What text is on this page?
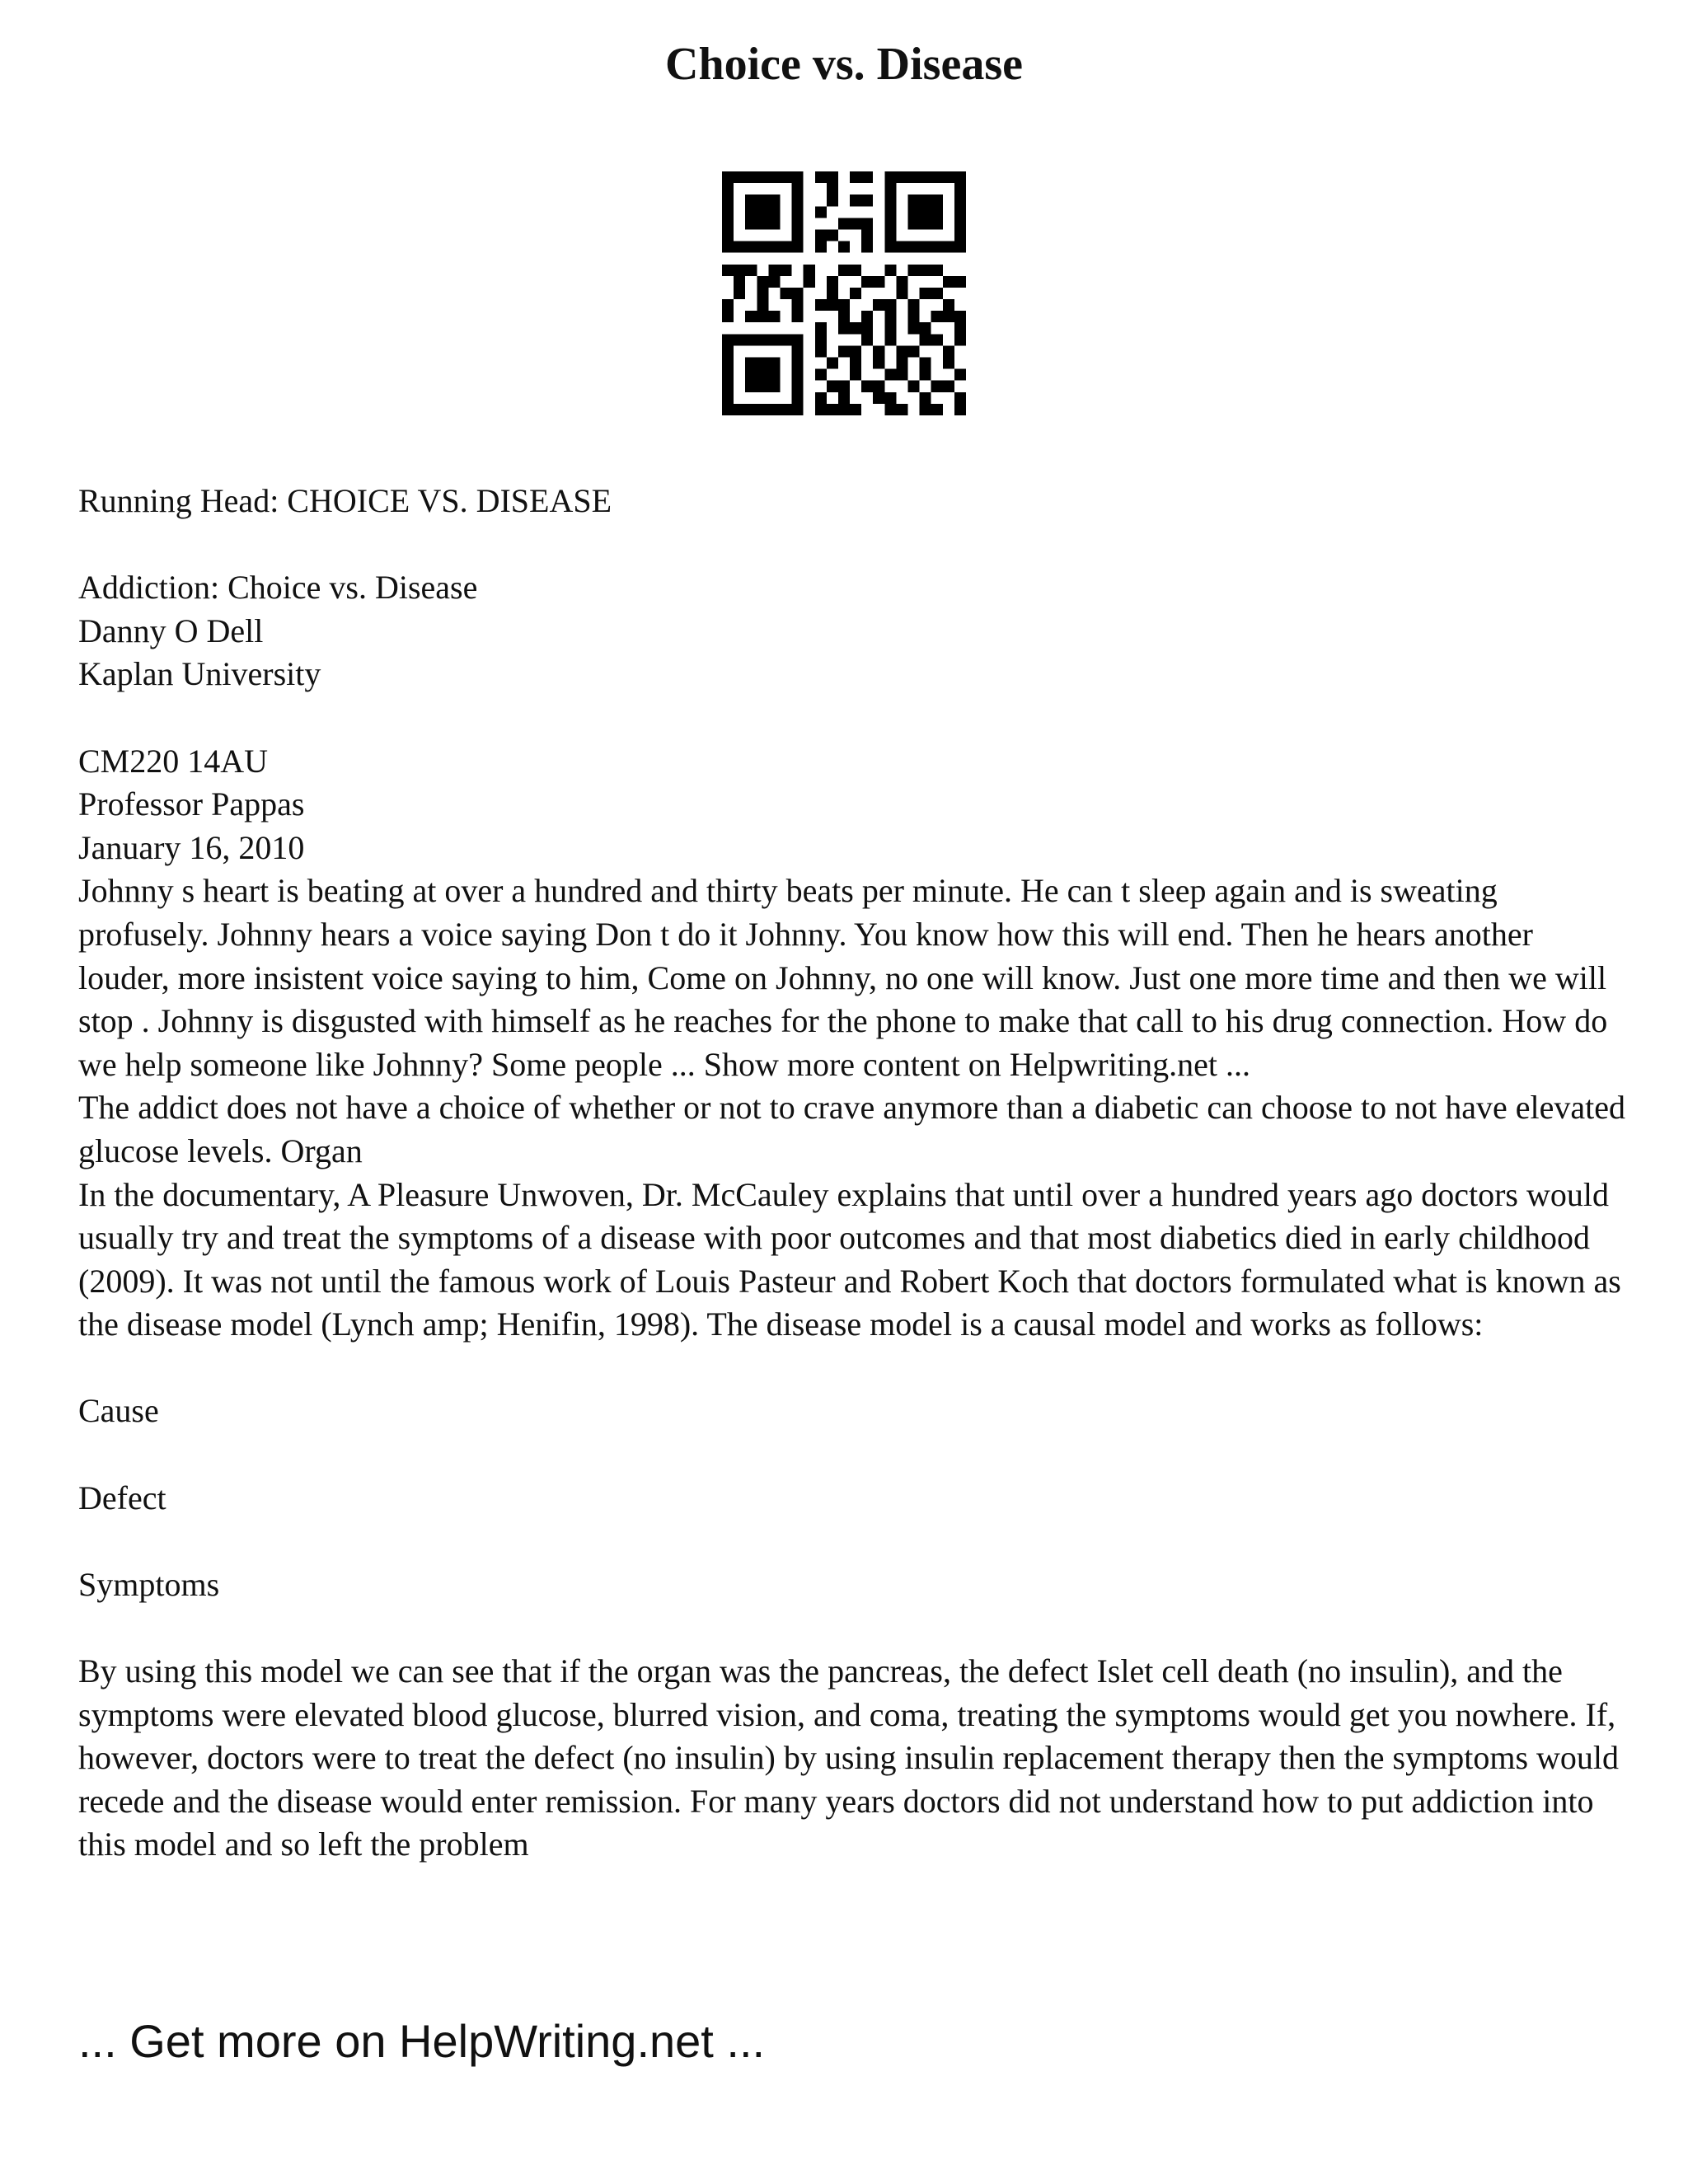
Choice vs. Disease

Running Head: CHOICE VS. DISEASE

Addiction: Choice vs. Disease

Danny O Dell

Kaplan University

CM220 14AU

Professor Pappas

January 16, 2010

Johnny s heart is beating at over a hundred and thirty beats per minute. He can t sleep again and is sweating profusely. Johnny hears a voice saying Don t do it Johnny. You know how this will end. Then he hears another louder, more insistent voice saying to him, Come on Johnny, no one will know. Just one more time and then we will stop . Johnny is disgusted with himself as he reaches for the phone to make that call to his drug connection. How do we help someone like Johnny? Some people ... Show more content on Helpwriting.net ...

The addict does not have a choice of whether or not to crave anymore than a diabetic can choose to not have elevated glucose levels. Organ

In the documentary, A Pleasure Unwoven, Dr. McCauley explains that until over a hundred years ago doctors would usually try and treat the symptoms of a disease with poor outcomes and that most diabetics died in early childhood (2009). It was not until the famous work of Louis Pasteur and Robert Koch that doctors formulated what is known as the disease model (Lynch amp; Henifin, 1998). The disease model is a causal model and works as follows:

Cause

Defect

Symptoms

By using this model we can see that if the organ was the pancreas, the defect Islet cell death (no insulin), and the symptoms were elevated blood glucose, blurred vision, and coma, treating the symptoms would get you nowhere. If, however, doctors were to treat the defect (no insulin) by using insulin replacement therapy then the symptoms would recede and the disease would enter remission. For many years doctors did not understand how to put addiction into this model and so left the problem

... Get more on HelpWriting.net ...
